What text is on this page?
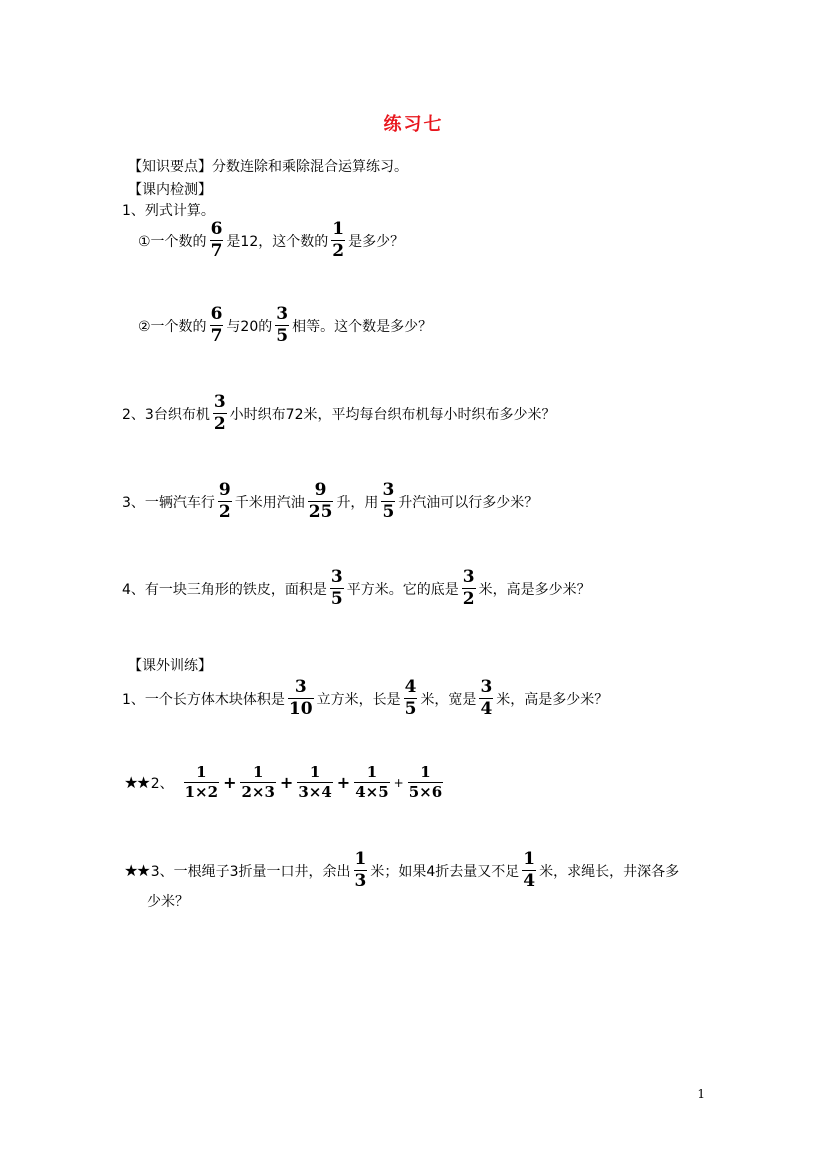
练习七
【知识要点】 分数连除和乘除混合运算练习。
【课内检测】
1、列式计算。
①一个数的 $\frac{6}{7}$ 是12，这个数的 $\frac{1}{2}$ 是多少？
②一个数的 $\frac{6}{7}$ 与20的 $\frac{3}{5}$ 相等。这个数是多少？
2、3台织布机 $\frac{3}{2}$ 小时织布72米，平均每台织布机每小时织布多少米？
3、一辆汽车行 $\frac{9}{2}$ 千米用汽油 $\frac{9}{25}$ 升，用 $\frac{3}{5}$ 升汽油可以行多少米？
4、有一块三角形的铁皮，面积是 $\frac{3}{5}$ 平方米。它的底是 $\frac{3}{2}$ 米，高是多少米？
【课外训练】
1、一个长方体木块体积是 $\frac{3}{10}$ 立方米，长是 $\frac{4}{5}$ 米，宽是 $\frac{3}{4}$ 米，高是多少米？
★★ 2、 $\frac{1}{1\times 2} + \frac{1}{2\times 3} + \frac{1}{3\times 4} + \frac{1}{4\times 5} + \frac{1}{5\times 6}$
★★ 3、一根绳子3折量一口井，余出 $\frac{1}{3}$ 米；如果4折去量又不足 $\frac{1}{4}$ 米，求绳长，井深各多
少米？
1
